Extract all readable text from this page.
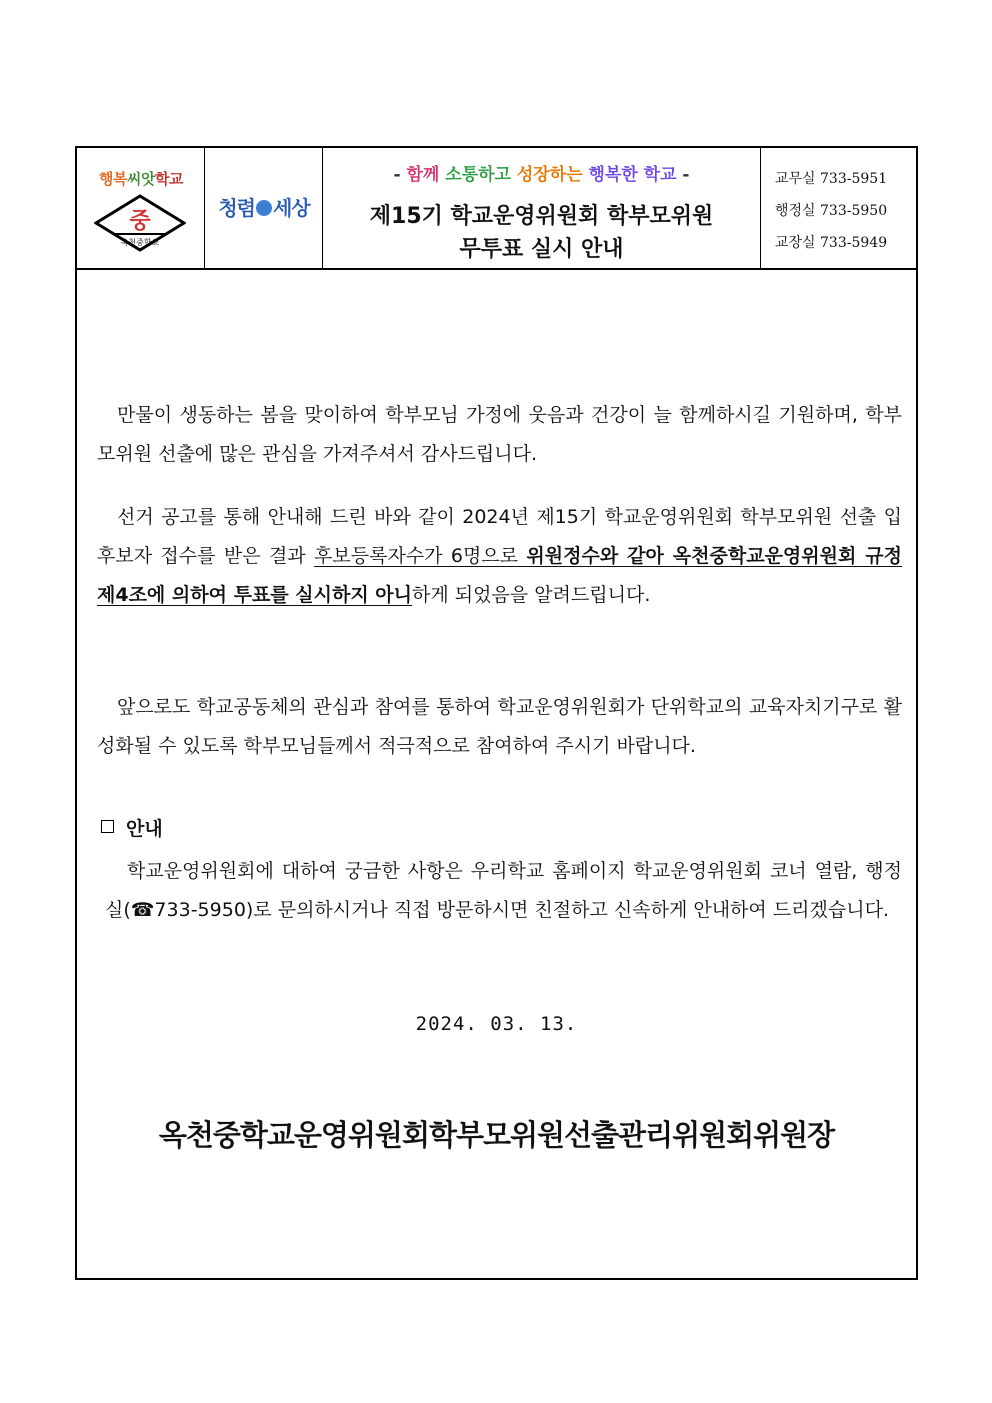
행복씨앗학교
중
옥천중학교
청렴 세상
- 함께 소통하고 성장하는 행복한 학교 -
제15기 학교운영위원회 학부모위원
무투표 실시 안내
교무실 733-5951
행정실 733-5950
교장실 733-5949

만물이 생동하는 봄을 맞이하여 학부모님 가정에 웃음과 건강이 늘 함께하시길 기원하며, 학부모위원 선출에 많은 관심을 가져주셔서 감사드립니다.

선거 공고를 통해 안내해 드린 바와 같이 2024년 제15기 학교운영위원회 학부모위원 선출 입후보자 접수를 받은 결과 후보등록자수가 6명으로 위원정수와 같아 옥천중학교운영위원회 규정 제4조에 의하여 투표를 실시하지 아니하게 되었음을 알려드립니다.

앞으로도 학교공동체의 관심과 참여를 통하여 학교운영위원회가 단위학교의 교육자치기구로 활성화될 수 있도록 학부모님들께서 적극적으로 참여하여 주시기 바랍니다.

안내

학교운영위원회에 대하여 궁금한 사항은 우리학교 홈페이지 학교운영위원회 코너 열람, 행정실(☎733-5950)로 문의하시거나 직접 방문하시면 친절하고 신속하게 안내하여 드리겠습니다.

2024. 03. 13.
옥천중학교운영위원회학부모위원선출관리위원회위원장
